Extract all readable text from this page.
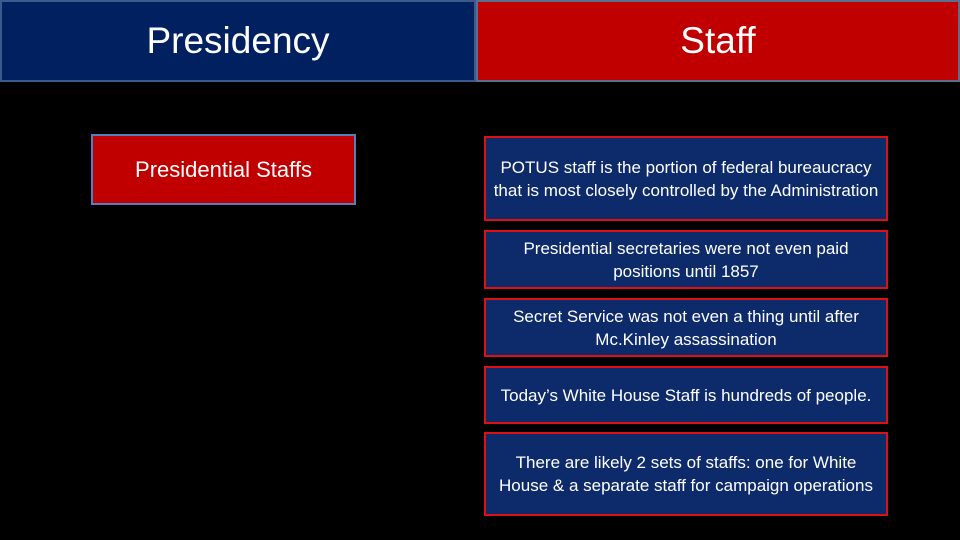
Presidency	Staff
Presidential Staffs	POTUS staff is the portion of federal bureaucracy that is most closely controlled by the Administration
Presidential secretaries were not even paid positions until 1857
Secret Service was not even a thing until after Mc.Kinley assassination
Today’s White House Staff is hundreds of people.
There are likely 2 sets of staffs: one for White House & a separate staff for campaign operations
